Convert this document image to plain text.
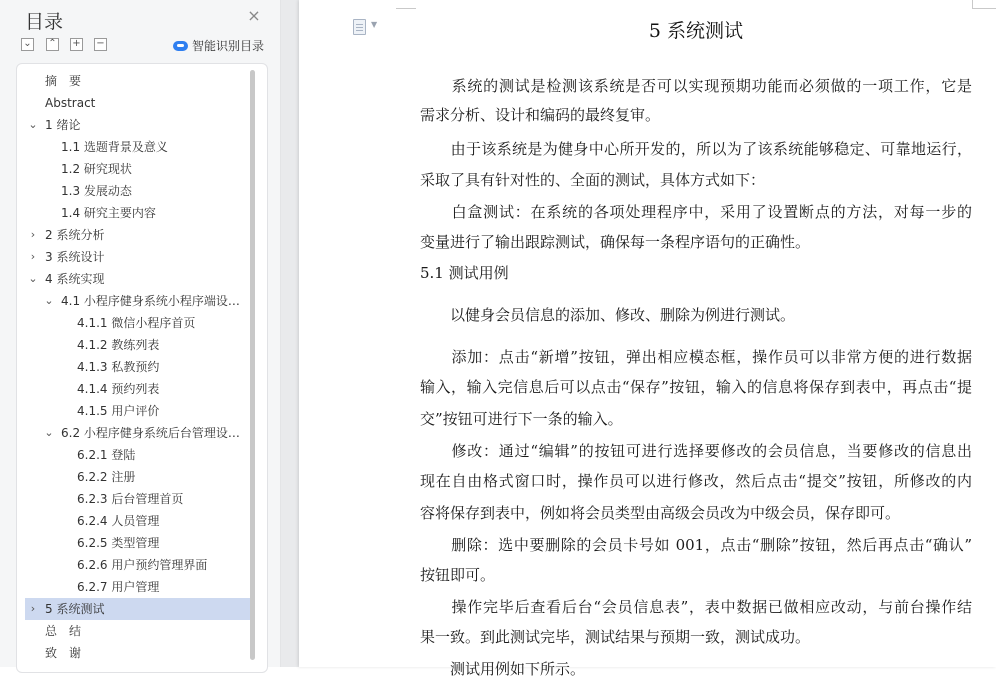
目录	×
⌄ ⌃ + −	智能识别目录
摘　要
Abstract
⌄ 1 绪论
1.1 选题背景及意义
1.2 研究现状
1.3 发展动态
1.4 研究主要内容
› 2 系统分析
› 3 系统设计
⌄ 4 系统实现
⌄ 4.1 小程序健身系统小程序端设…
4.1.1 微信小程序首页
4.1.2 教练列表
4.1.3 私教预约
4.1.4 预约列表
4.1.5 用户评价
⌄ 6.2 小程序健身系统后台管理设…
6.2.1 登陆
6.2.2 注册
6.2.3 后台管理首页
6.2.4 人员管理
6.2.5 类型管理
6.2.6 用户预约管理界面
6.2.7 用户管理
› 5 系统测试
总　结
致　谢
▼	5 系统测试
　　系统的测试是检测该系统是否可以实现预期功能而必须做的一项工作，它是
需求分析、设计和编码的最终复审。
　　由于该系统是为健身中心所开发的，所以为了该系统能够稳定、可靠地运行，
采取了具有针对性的、全面的测试，具体方式如下：
　　白盒测试：在系统的各项处理程序中，采用了设置断点的方法，对每一步的
变量进行了输出跟踪测试，确保每一条程序语句的正确性。
5.1 测试用例
　　以健身会员信息的添加、修改、删除为例进行测试。
　　添加：点击“新增”按钮，弹出相应模态框，操作员可以非常方便的进行数据
输入，输入完信息后可以点击“保存”按钮，输入的信息将保存到表中，再点击“提
交”按钮可进行下一条的输入。
　　修改：通过“编辑”的按钮可进行选择要修改的会员信息，当要修改的信息出
现在自由格式窗口时，操作员可以进行修改，然后点击“提交”按钮，所修改的内
容将保存到表中，例如将会员类型由高级会员改为中级会员，保存即可。
　　删除：选中要删除的会员卡号如 001，点击“删除”按钮，然后再点击“确认”
按钮即可。
　　操作完毕后查看后台“会员信息表”，表中数据已做相应改动，与前台操作结
果一致。到此测试完毕，测试结果与预期一致，测试成功。
　　测试用例如下所示。
